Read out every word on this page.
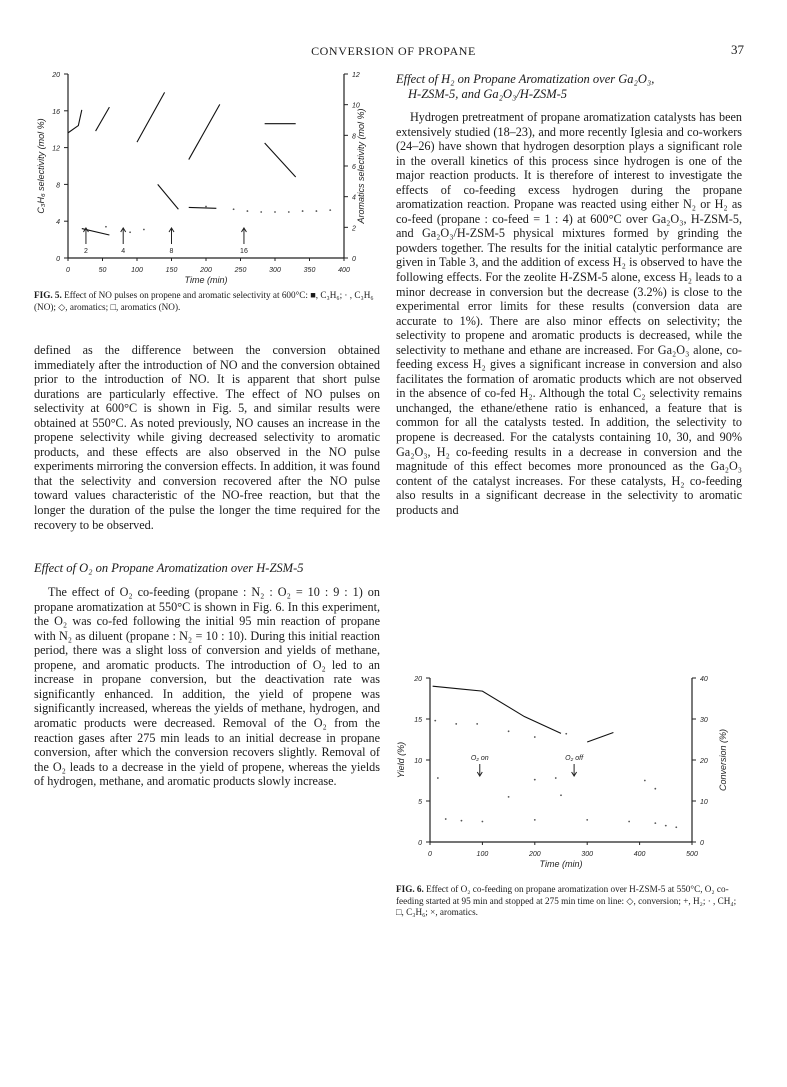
CONVERSION OF PROPANE	37
0	50	100	150	200	250	300	350	400
0
4
8
12
16
20
0
2
4
6
8
10
12
Time (min)
C₃H₆ selectivity (mol %)	Aromatics selectivity (mol %)
2	4	8	16
FIG. 5. Effect of NO pulses on propene and aromatic selectivity at 600°C: ■, C₃H₆; · , C₃H₆ (NO); ◇, aromatics; □, aromatics (NO).

defined as the difference between the conversion obtained immediately after the introduction of NO and the conversion obtained prior to the introduction of NO. It is apparent that short pulse durations are particularly effective. The effect of NO pulses on selectivity at 600°C is shown in Fig. 5, and similar results were obtained at 550°C. As noted previously, NO causes an increase in the propene selectivity while giving decreased selectivity to aromatic products, and these effects are also observed in the NO pulse experiments mirroring the conversion effects. In addition, it was found that the selectivity and conversion recovered after the NO pulse toward values characteristic of the NO-free reaction, but that the longer the duration of the pulse the longer the time required for the recovery to be observed.

Effect of O₂ on Propane Aromatization over H-ZSM-5

The effect of O₂ co-feeding (propane : N₂ : O₂ = 10 : 9 : 1) on propane aromatization at 550°C is shown in Fig. 6. In this experiment, the O₂ was co-fed following the initial 95 min reaction of propane with N₂ as diluent (propane : N₂ = 10 : 10). During this initial reaction period, there was a slight loss of conversion and yields of methane, propene, and aromatic products. The introduction of O₂ led to an increase in propane conversion, but the deactivation rate was significantly enhanced. In addition, the yield of propene was significantly increased, whereas the yields of methane, hydrogen, and aromatic products were decreased. Removal of the O₂ from the reaction gases after 275 min leads to an initial decrease in propane conversion, after which the conversion recovers slightly. Removal of the O₂ leads to a decrease in the yield of propene, whereas the yields of hydrogen, methane, and aromatic products slowly increase.

Effect of H₂ on Propane Aromatization over Ga₂O₃,

H-ZSM-5, and Ga₂O₃/H-ZSM-5

Hydrogen pretreatment of propane aromatization catalysts has been extensively studied (18–23), and more recently Iglesia and co-workers (24–26) have shown that hydrogen desorption plays a significant role in the overall kinetics of this process since hydrogen is one of the major reaction products. It is therefore of interest to investigate the effects of co-feeding excess hydrogen during the propane aromatization reaction. Propane was reacted using either N₂ or H₂ as co-feed (propane : co-feed = 1 : 4) at 600°C over Ga₂O₃, H-ZSM-5, and Ga₂O₃/H-ZSM-5 physical mixtures formed by grinding the powders together. The results for the initial catalytic performance are given in Table 3, and the addition of excess H₂ is observed to have the following effects. For the zeolite H-ZSM-5 alone, excess H₂ leads to a minor decrease in conversion but the decrease (3.2%) is close to the experimental error limits for these results (conversion data are accurate to 1%). There are also minor effects on selectivity; the selectivity to propene and aromatic products is decreased, while the selectivity to methane and ethane are increased. For Ga₂O₃ alone, co-feeding excess H₂ gives a significant increase in conversion and also facilitates the formation of aromatic products which are not observed in the absence of co-fed H₂. Although the total C₂ selectivity remains unchanged, the ethane/ethene ratio is enhanced, a feature that is common for all the catalysts tested. In addition, the selectivity to propene is decreased. For the catalysts containing 10, 30, and 90% Ga₂O₃, H₂ co-feeding results in a decrease in conversion and the magnitude of this effect becomes more pronounced as the Ga₂O₃ content of the catalyst increases. For these catalysts, H₂ co-feeding also results in a significant decrease in the selectivity to aromatic products and

0	100	200	300	400	500
0
5
10
15
20
0
10
20
30
40
Time (min)
Yield (%)	Conversion (%)
O₂ on	O₂ off
FIG. 6. Effect of O₂ co-feeding on propane aromatization over H-ZSM-5 at 550°C, O₂ co-feeding started at 95 min and stopped at 275 min time on line: ◇, conversion; +, H₂; · , CH₄; □, C₃H₆; ×, aromatics.
